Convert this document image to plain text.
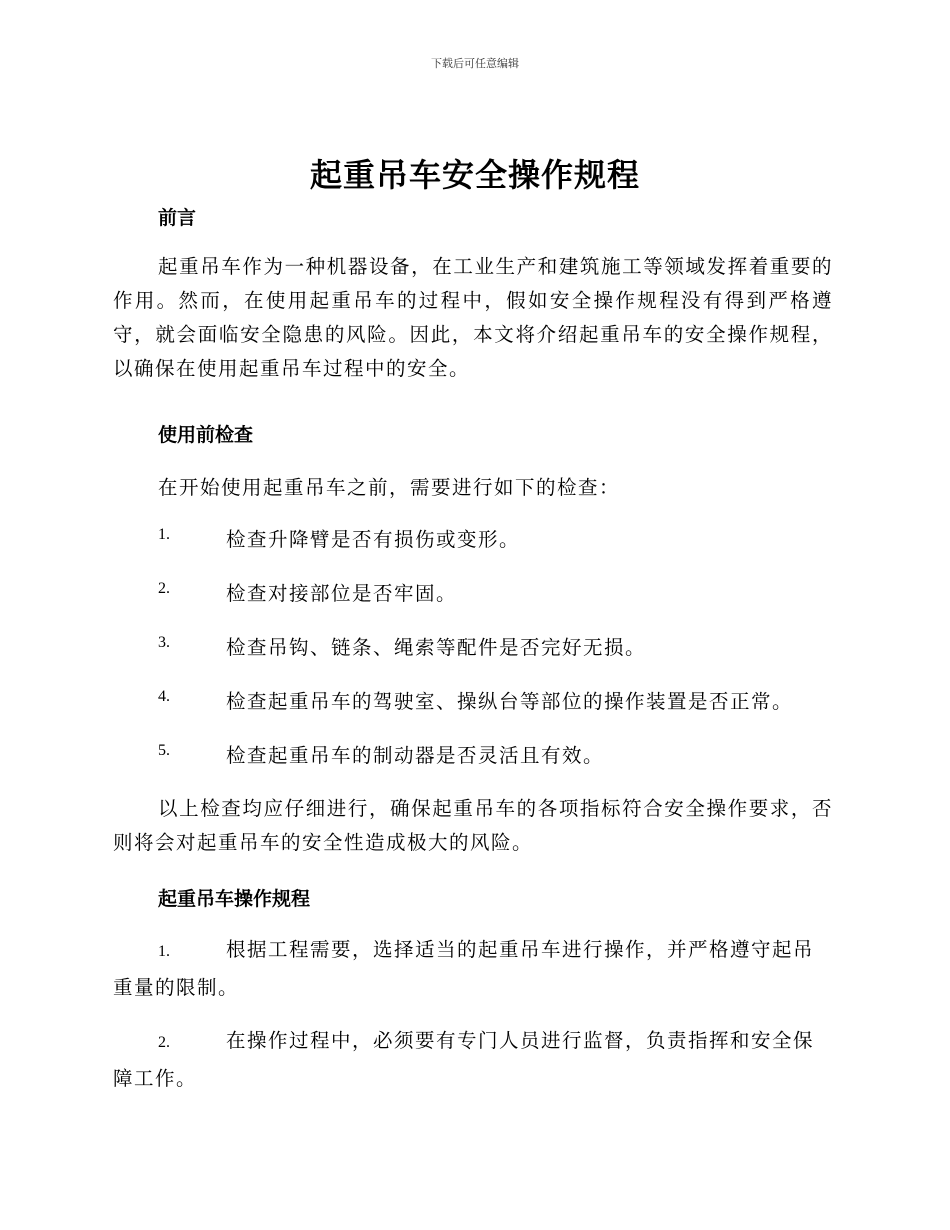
下载后可任意编辑
起重吊车安全操作规程
前言
起重吊车作为一种机器设备，在工业生产和建筑施工等领域发挥着重要的作用。然而，在使用起重吊车的过程中，假如安全操作规程没有得到严格遵守，就会面临安全隐患的风险。因此，本文将介绍起重吊车的安全操作规程，以确保在使用起重吊车过程中的安全。
使用前检查
在开始使用起重吊车之前，需要进行如下的检查：
1.	检查升降臂是否有损伤或变形。
2.	检查对接部位是否牢固。
3.	检查吊钩、链条、绳索等配件是否完好无损。
4.	检查起重吊车的驾驶室、操纵台等部位的操作装置是否正常。
5.	检查起重吊车的制动器是否灵活且有效。
以上检查均应仔细进行，确保起重吊车的各项指标符合安全操作要求，否则将会对起重吊车的安全性造成极大的风险。
起重吊车操作规程
1.	根据工程需要，选择适当的起重吊车进行操作，并严格遵守起吊重量的限制。
2.	在操作过程中，必须要有专门人员进行监督，负责指挥和安全保障工作。
